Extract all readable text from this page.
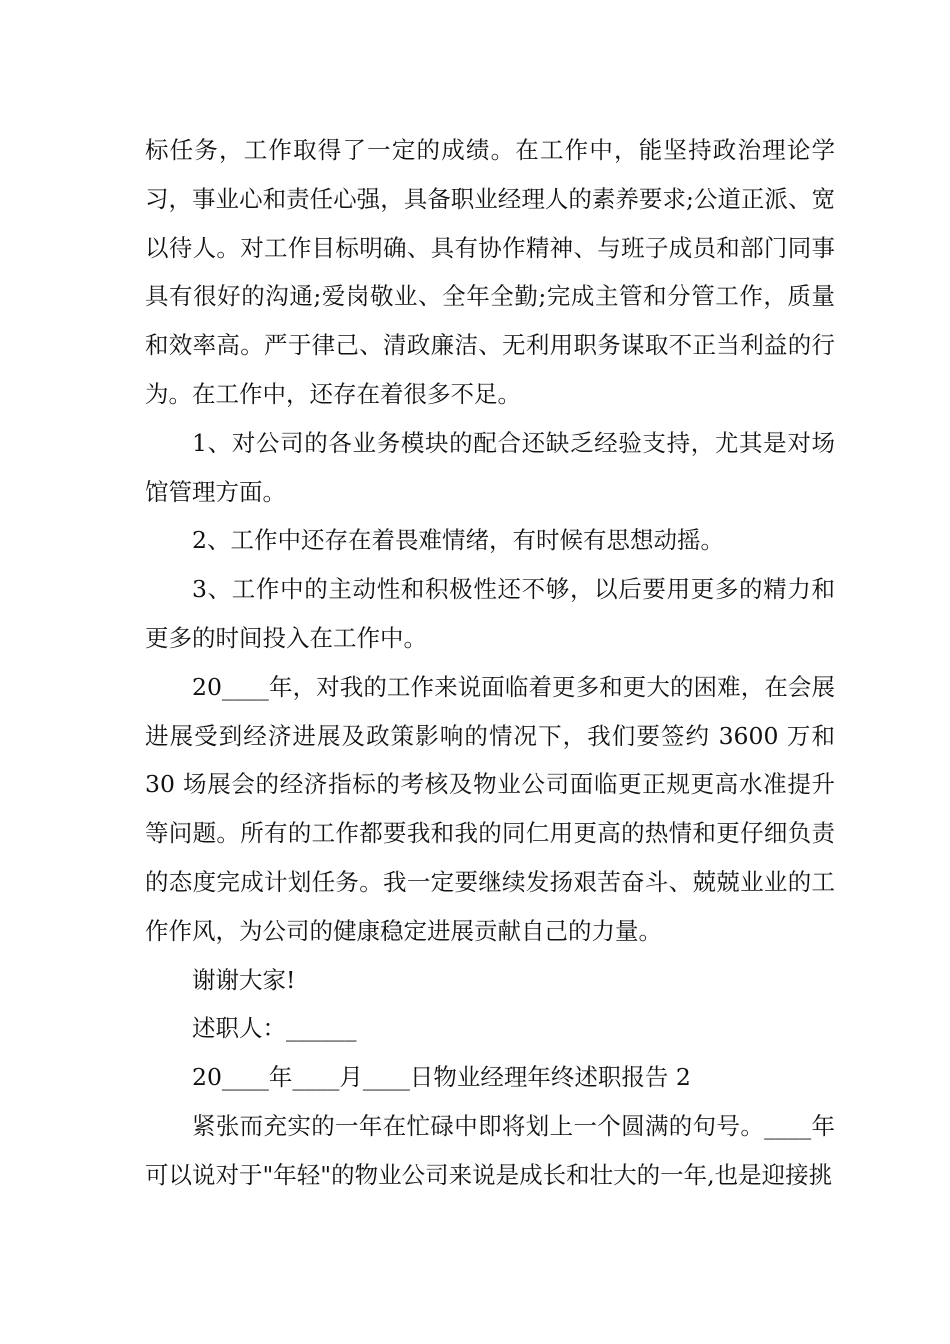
标任务，工作取得了一定的成绩。在工作中，能坚持政治理论学习，事业心和责任心强，具备职业经理人的素养要求;公道正派、宽以待人。对工作目标明确、具有协作精神、与班子成员和部门同事具有很好的沟通;爱岗敬业、全年全勤;完成主管和分管工作，质量和效率高。严于律己、清政廉洁、无利用职务谋取不正当利益的行为。在工作中，还存在着很多不足。

1、对公司的各业务模块的配合还缺乏经验支持，尤其是对场馆管理方面。

2、工作中还存在着畏难情绪，有时候有思想动摇。

3、工作中的主动性和积极性还不够，以后要用更多的精力和更多的时间投入在工作中。

20____年，对我的工作来说面临着更多和更大的困难，在会展进展受到经济进展及政策影响的情况下，我们要签约 3600 万和 30 场展会的经济指标的考核及物业公司面临更正规更高水准提升等问题。所有的工作都要我和我的同仁用更高的热情和更仔细负责的态度完成计划任务。我一定要继续发扬艰苦奋斗、兢兢业业的工作作风，为公司的健康稳定进展贡献自己的力量。

谢谢大家!

述职人：______

20____年____月____日物业经理年终述职报告 2

紧张而充实的一年在忙碌中即将划上一个圆满的句号。____年可以说对于"年轻"的物业公司来说是成长和壮大的一年,也是迎接挑
